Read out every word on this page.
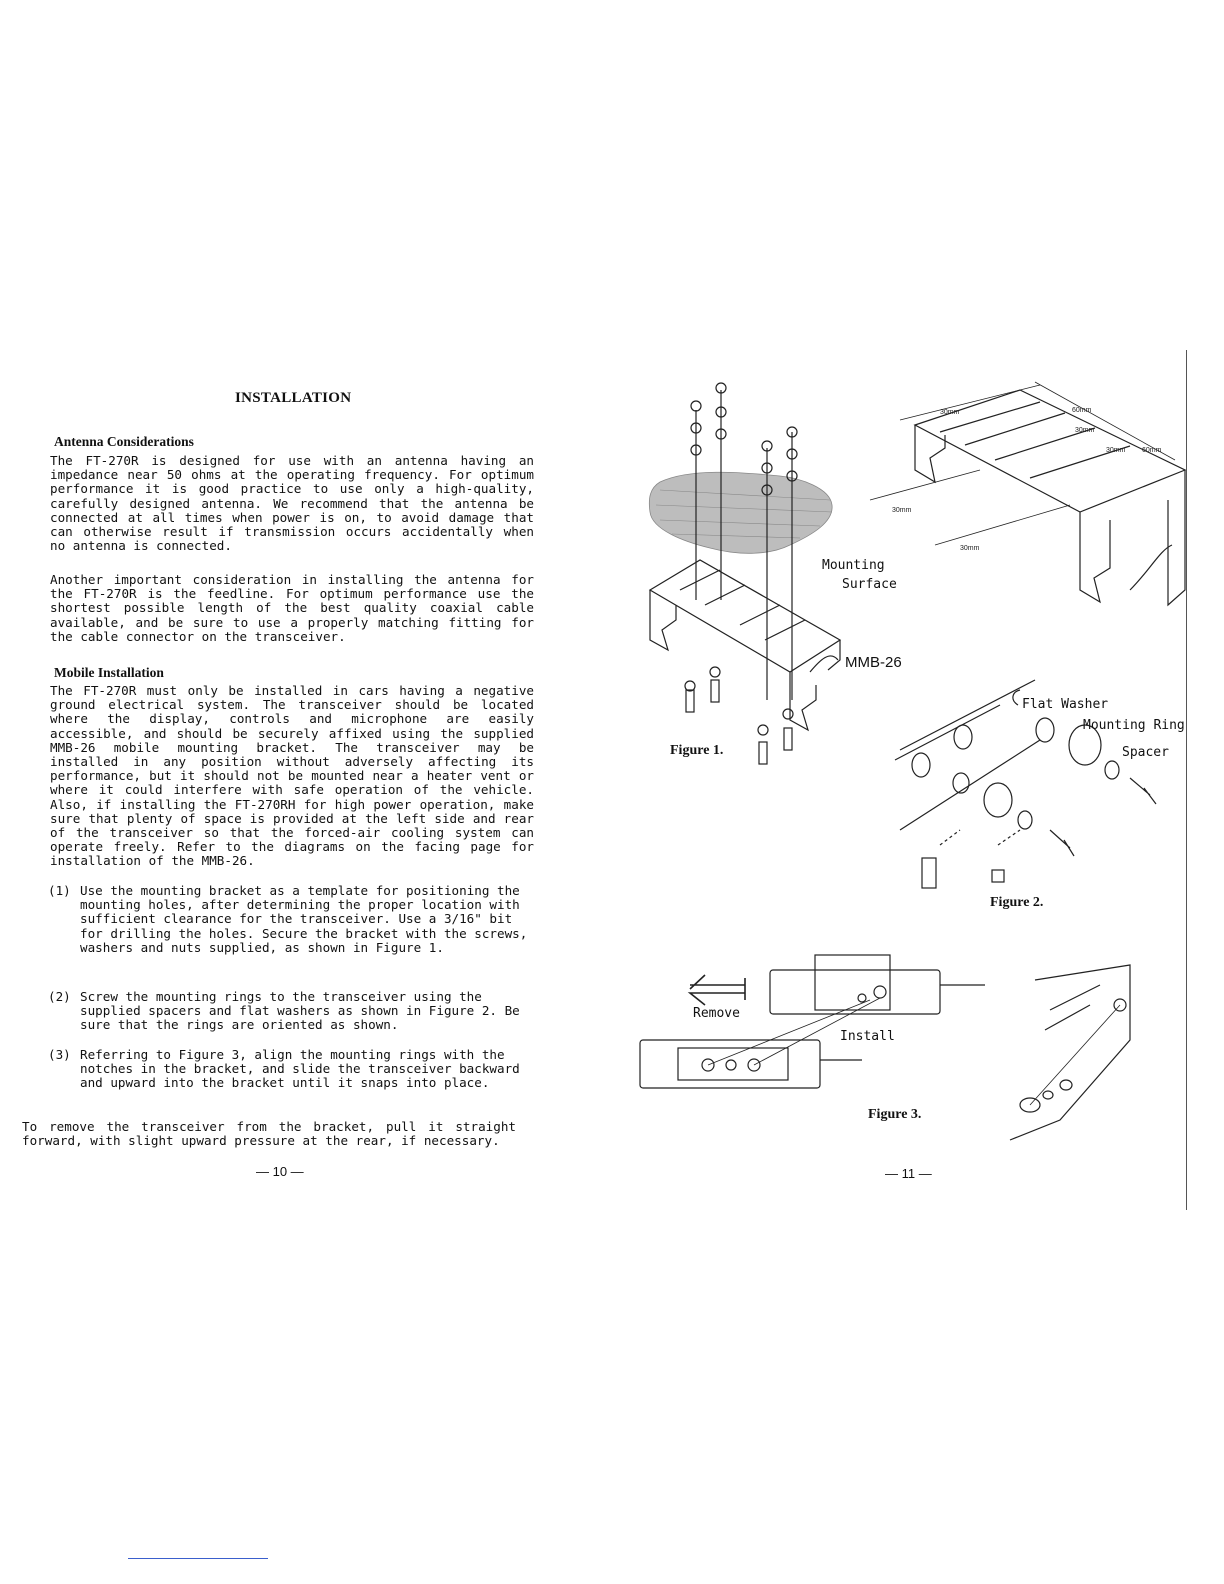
INSTALLATION
Antenna Considerations
The FT-270R is designed for use with an antenna having an impedance near 50 ohms at the operating frequency. For optimum performance it is good practice to use only a high-quality, carefully designed antenna. We recommend that the antenna be connected at all times when power is on, to avoid damage that can otherwise result if transmission occurs accidentally when no antenna is connected.
Another important consideration in installing the antenna for the FT-270R is the feedline. For optimum performance use the shortest possible length of the best quality coaxial cable available, and be sure to use a properly matching fitting for the cable connector on the transceiver.
Mobile Installation
The FT-270R must only be installed in cars having a negative ground electrical system. The transceiver should be located where the display, controls and microphone are easily accessible, and should be securely affixed using the supplied MMB-26 mobile mounting bracket. The transceiver may be installed in any position without adversely affecting its performance, but it should not be mounted near a heater vent or where it could interfere with safe operation of the vehicle. Also, if installing the FT-270RH for high power operation, make sure that plenty of space is provided at the left side and rear of the transceiver so that the forced-air cooling system can operate freely. Refer to the diagrams on the facing page for installation of the MMB-26.
(1) Use the mounting bracket as a template for positioning the mounting holes, after determining the proper location with sufficient clearance for the transceiver. Use a 3/16" bit for drilling the holes. Secure the bracket with the screws, washers and nuts supplied, as shown in Figure 1.
(2) Screw the mounting rings to the transceiver using the supplied spacers and flat washers as shown in Figure 2. Be sure that the rings are oriented as shown.
(3) Referring to Figure 3, align the mounting rings with the notches in the bracket, and slide the transceiver backward and upward into the bracket until it snaps into place.
To remove the transceiver from the bracket, pull it straight forward, with slight upward pressure at the rear, if necessary.
— 10 —
30mm	60mm
30mm
30mm 60mm
30mm
30mm
Mounting
Surface
MMB-26
Figure 1.
Flat Washer
Mounting Ring
Spacer
Figure 2.
Remove
Install
Figure 3.
— 11 —
